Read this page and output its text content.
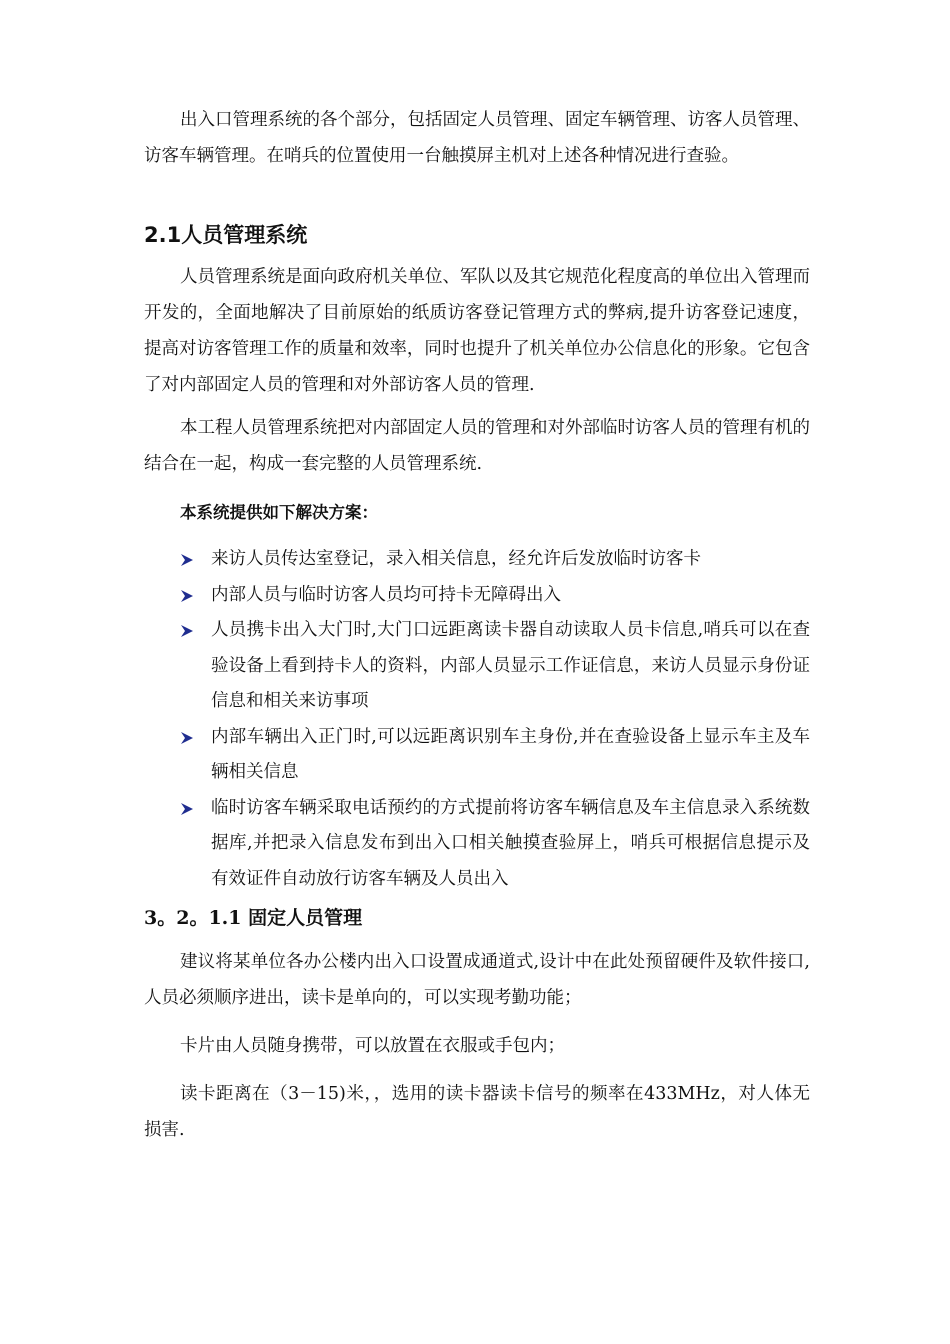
出入口管理系统的各个部分，包括固定人员管理、固定车辆管理、访客人员管理、访客车辆管理。在哨兵的位置使用一台触摸屏主机对上述各种情况进行查验。

2.1人员管理系统

人员管理系统是面向政府机关单位、军队以及其它规范化程度高的单位出入管理而开发的，全面地解决了目前原始的纸质访客登记管理方式的弊病,提升访客登记速度，提高对访客管理工作的质量和效率，同时也提升了机关单位办公信息化的形象。它包含了对内部固定人员的管理和对外部访客人员的管理.

本工程人员管理系统把对内部固定人员的管理和对外部临时访客人员的管理有机的结合在一起，构成一套完整的人员管理系统.

本系统提供如下解决方案：

来访人员传达室登记，录入相关信息，经允许后发放临时访客卡
内部人员与临时访客人员均可持卡无障碍出入
人员携卡出入大门时,大门口远距离读卡器自动读取人员卡信息,哨兵可以在查验设备上看到持卡人的资料，内部人员显示工作证信息，来访人员显示身份证信息和相关来访事项
内部车辆出入正门时,可以远距离识别车主身份,并在查验设备上显示车主及车辆相关信息
临时访客车辆采取电话预约的方式提前将访客车辆信息及车主信息录入系统数据库,并把录入信息发布到出入口相关触摸查验屏上，哨兵可根据信息提示及有效证件自动放行访客车辆及人员出入
3。2。1.1 固定人员管理

建议将某单位各办公楼内出入口设置成通道式,设计中在此处预留硬件及软件接口,人员必须顺序进出，读卡是单向的，可以实现考勤功能；

卡片由人员随身携带，可以放置在衣服或手包内；

读卡距离在（3－15)米，，选用的读卡器读卡信号的频率在433MHz，对人体无损害.
